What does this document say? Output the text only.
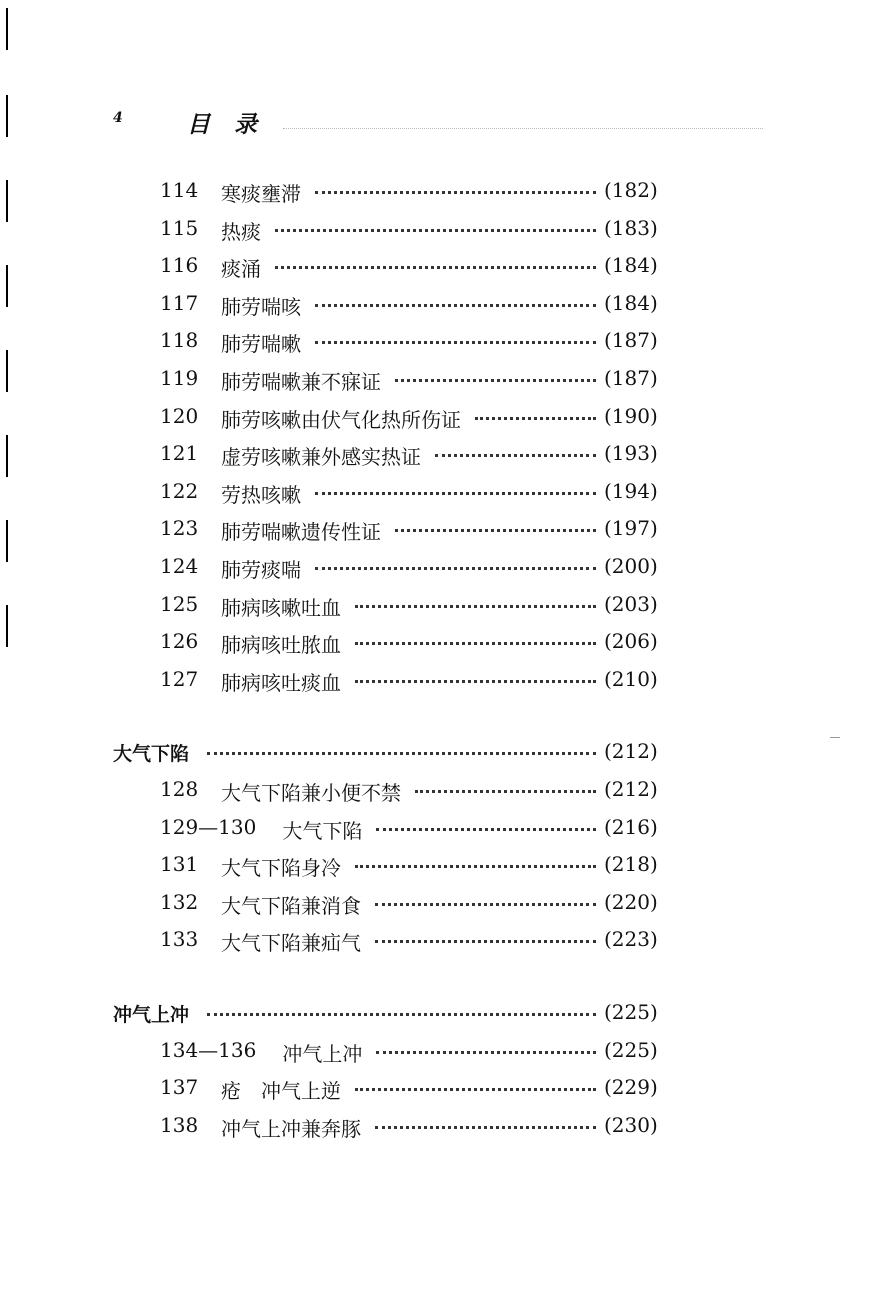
4	目 录
114 寒痰壅滞	(182)
115 热痰	(183)
116 痰涌	(184)
117 肺劳喘咳	(184)
118 肺劳喘嗽	(187)
119 肺劳喘嗽兼不寐证	(187)
120 肺劳咳嗽由伏气化热所伤证	(190)
121 虚劳咳嗽兼外感实热证	(193)
122 劳热咳嗽	(194)
123 肺劳喘嗽遗传性证	(197)
124 肺劳痰喘	(200)
125 肺病咳嗽吐血	(203)
126 肺病咳吐脓血	(206)
127 肺病咳吐痰血	(210)
大气下陷	(212)
128 大气下陷兼小便不禁	(212)
129—130 大气下陷	(216)
131 大气下陷身冷	(218)
132 大气下陷兼消食	(220)
133 大气下陷兼疝气	(223)
冲气上冲	(225)
134—136 冲气上冲	(225)
137 疮　冲气上逆	(229)
138 冲气上冲兼奔豚	(230)
